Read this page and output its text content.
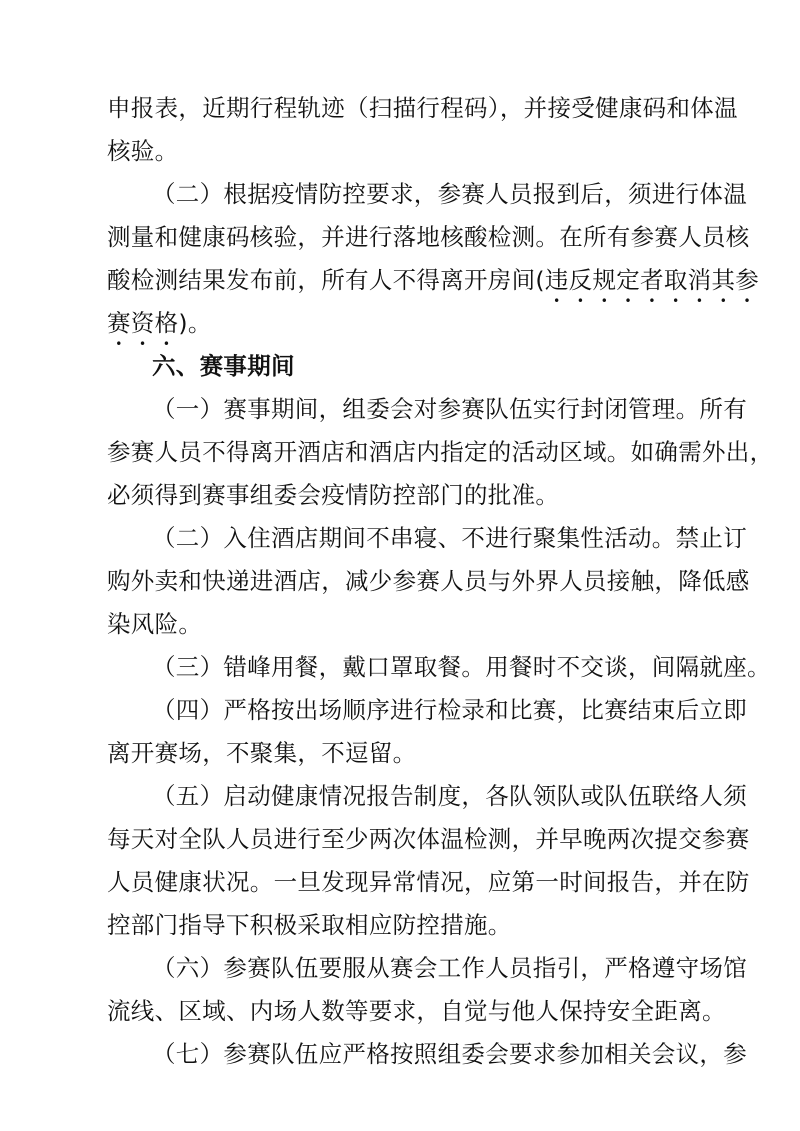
申报表，近期行程轨迹（扫描行程码），并接受健康码和体温
核验。
（二）根据疫情防控要求，参赛人员报到后，须进行体温
测量和健康码核验，并进行落地核酸检测。在所有参赛人员核
酸检测结果发布前，所有人不得离开房间(违反规定者取消其参
赛资格)。
六、赛事期间
（一）赛事期间，组委会对参赛队伍实行封闭管理。所有
参赛人员不得离开酒店和酒店内指定的活动区域。如确需外出，
必须得到赛事组委会疫情防控部门的批准。
（二）入住酒店期间不串寝、不进行聚集性活动。禁止订
购外卖和快递进酒店，减少参赛人员与外界人员接触，降低感
染风险。
（三）错峰用餐，戴口罩取餐。用餐时不交谈，间隔就座。
（四）严格按出场顺序进行检录和比赛，比赛结束后立即
离开赛场，不聚集，不逗留。
（五）启动健康情况报告制度，各队领队或队伍联络人须
每天对全队人员进行至少两次体温检测，并早晚两次提交参赛
人员健康状况。一旦发现异常情况，应第一时间报告，并在防
控部门指导下积极采取相应防控措施。
（六）参赛队伍要服从赛会工作人员指引，严格遵守场馆
流线、区域、内场人数等要求，自觉与他人保持安全距离。
（七）参赛队伍应严格按照组委会要求参加相关会议，参
